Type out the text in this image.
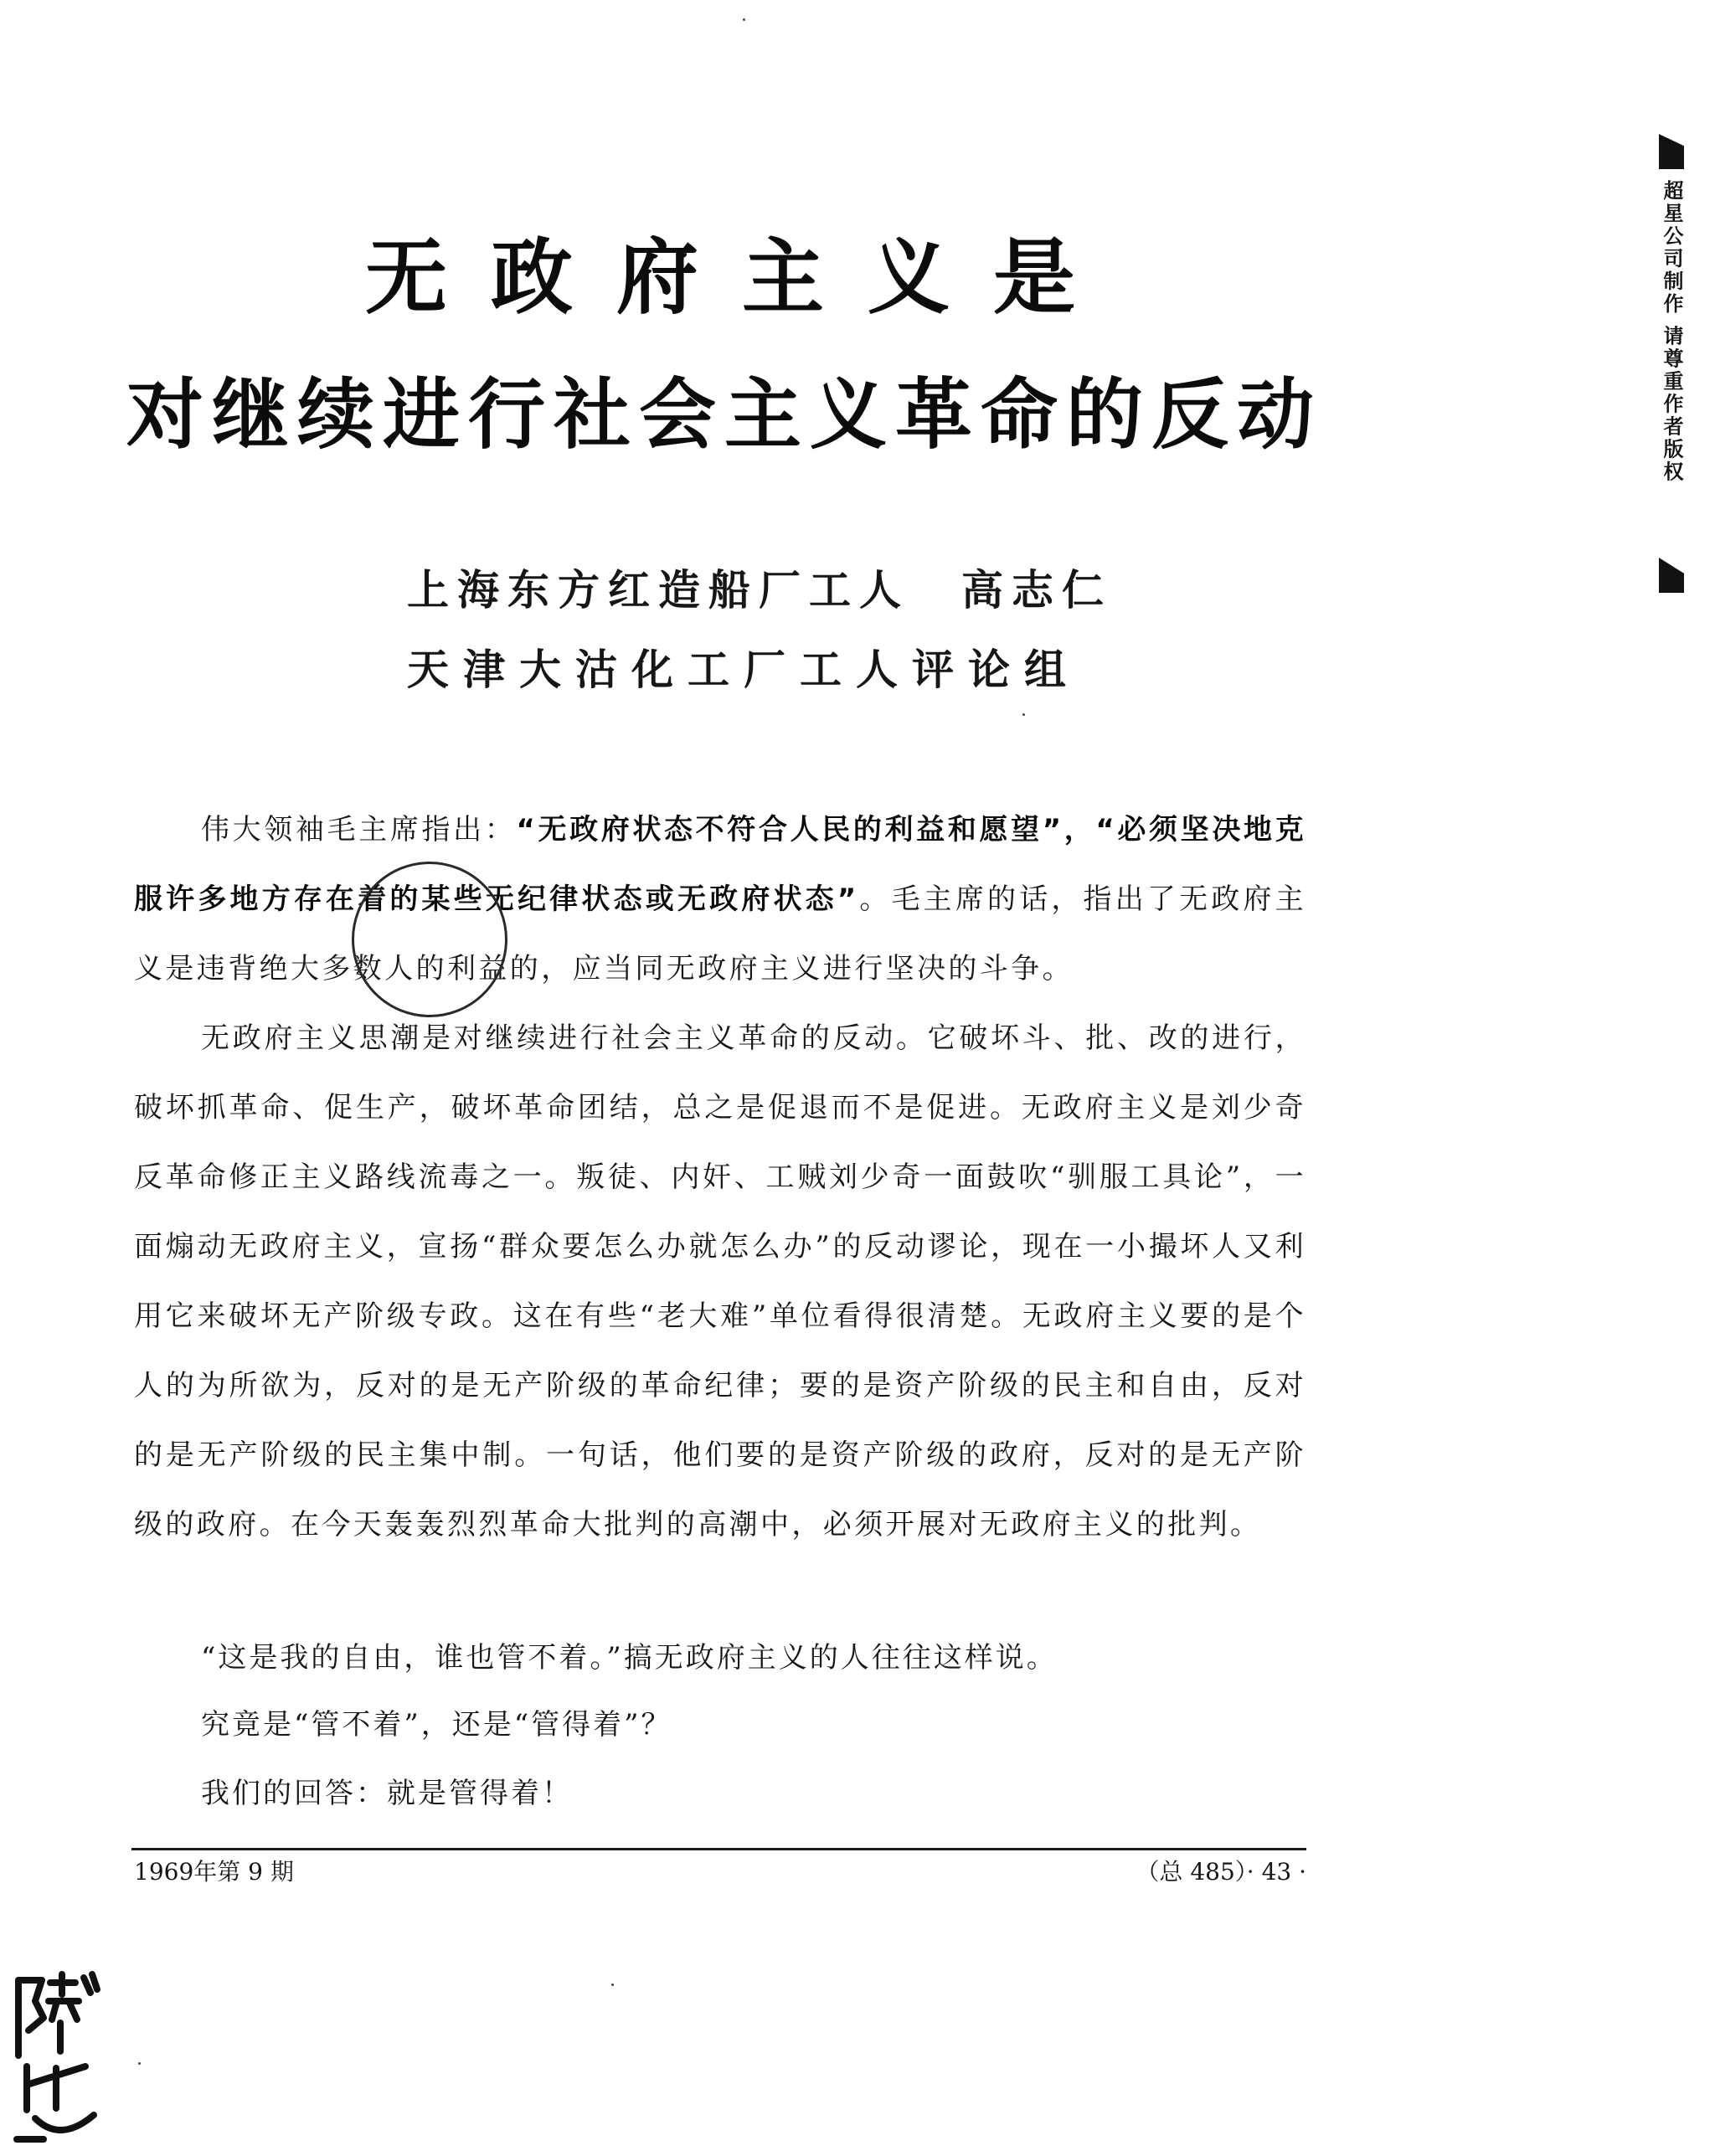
无政府主义是
对继续进行社会主义革命的反动
上海东方红造船厂工人 高志仁
天津大沽化工厂工人评论组

伟大领袖毛主席指出：“无政府状态不符合人民的利益和愿望”，“必须坚决地克服许多地方存在着的某些无纪律状态或无政府状态”。毛主席的话，指出了无政府主义是违背绝大多数人的利益的，应当同无政府主义进行坚决的斗争。

无政府主义思潮是对继续进行社会主义革命的反动。它破坏斗、批、改的进行，破坏抓革命、促生产，破坏革命团结，总之是促退而不是促进。无政府主义是刘少奇反革命修正主义路线流毒之一。叛徒、内奸、工贼刘少奇一面鼓吹“驯服工具论”，一面煽动无政府主义，宣扬“群众要怎么办就怎么办”的反动谬论，现在一小撮坏人又利用它来破坏无产阶级专政。这在有些“老大难”单位看得很清楚。无政府主义要的是个人的为所欲为，反对的是无产阶级的革命纪律；要的是资产阶级的民主和自由，反对的是无产阶级的民主集中制。一句话，他们要的是资产阶级的政府，反对的是无产阶级的政府。在今天轰轰烈烈革命大批判的高潮中，必须开展对无政府主义的批判。

“这是我的自由，谁也管不着。”搞无政府主义的人往往这样说。
究竟是“管不着”，还是“管得着”？
我们的回答：就是管得着！
1969年第 9 期	（总 485）· 43 ·
超星公司制作 请尊重作者版权
